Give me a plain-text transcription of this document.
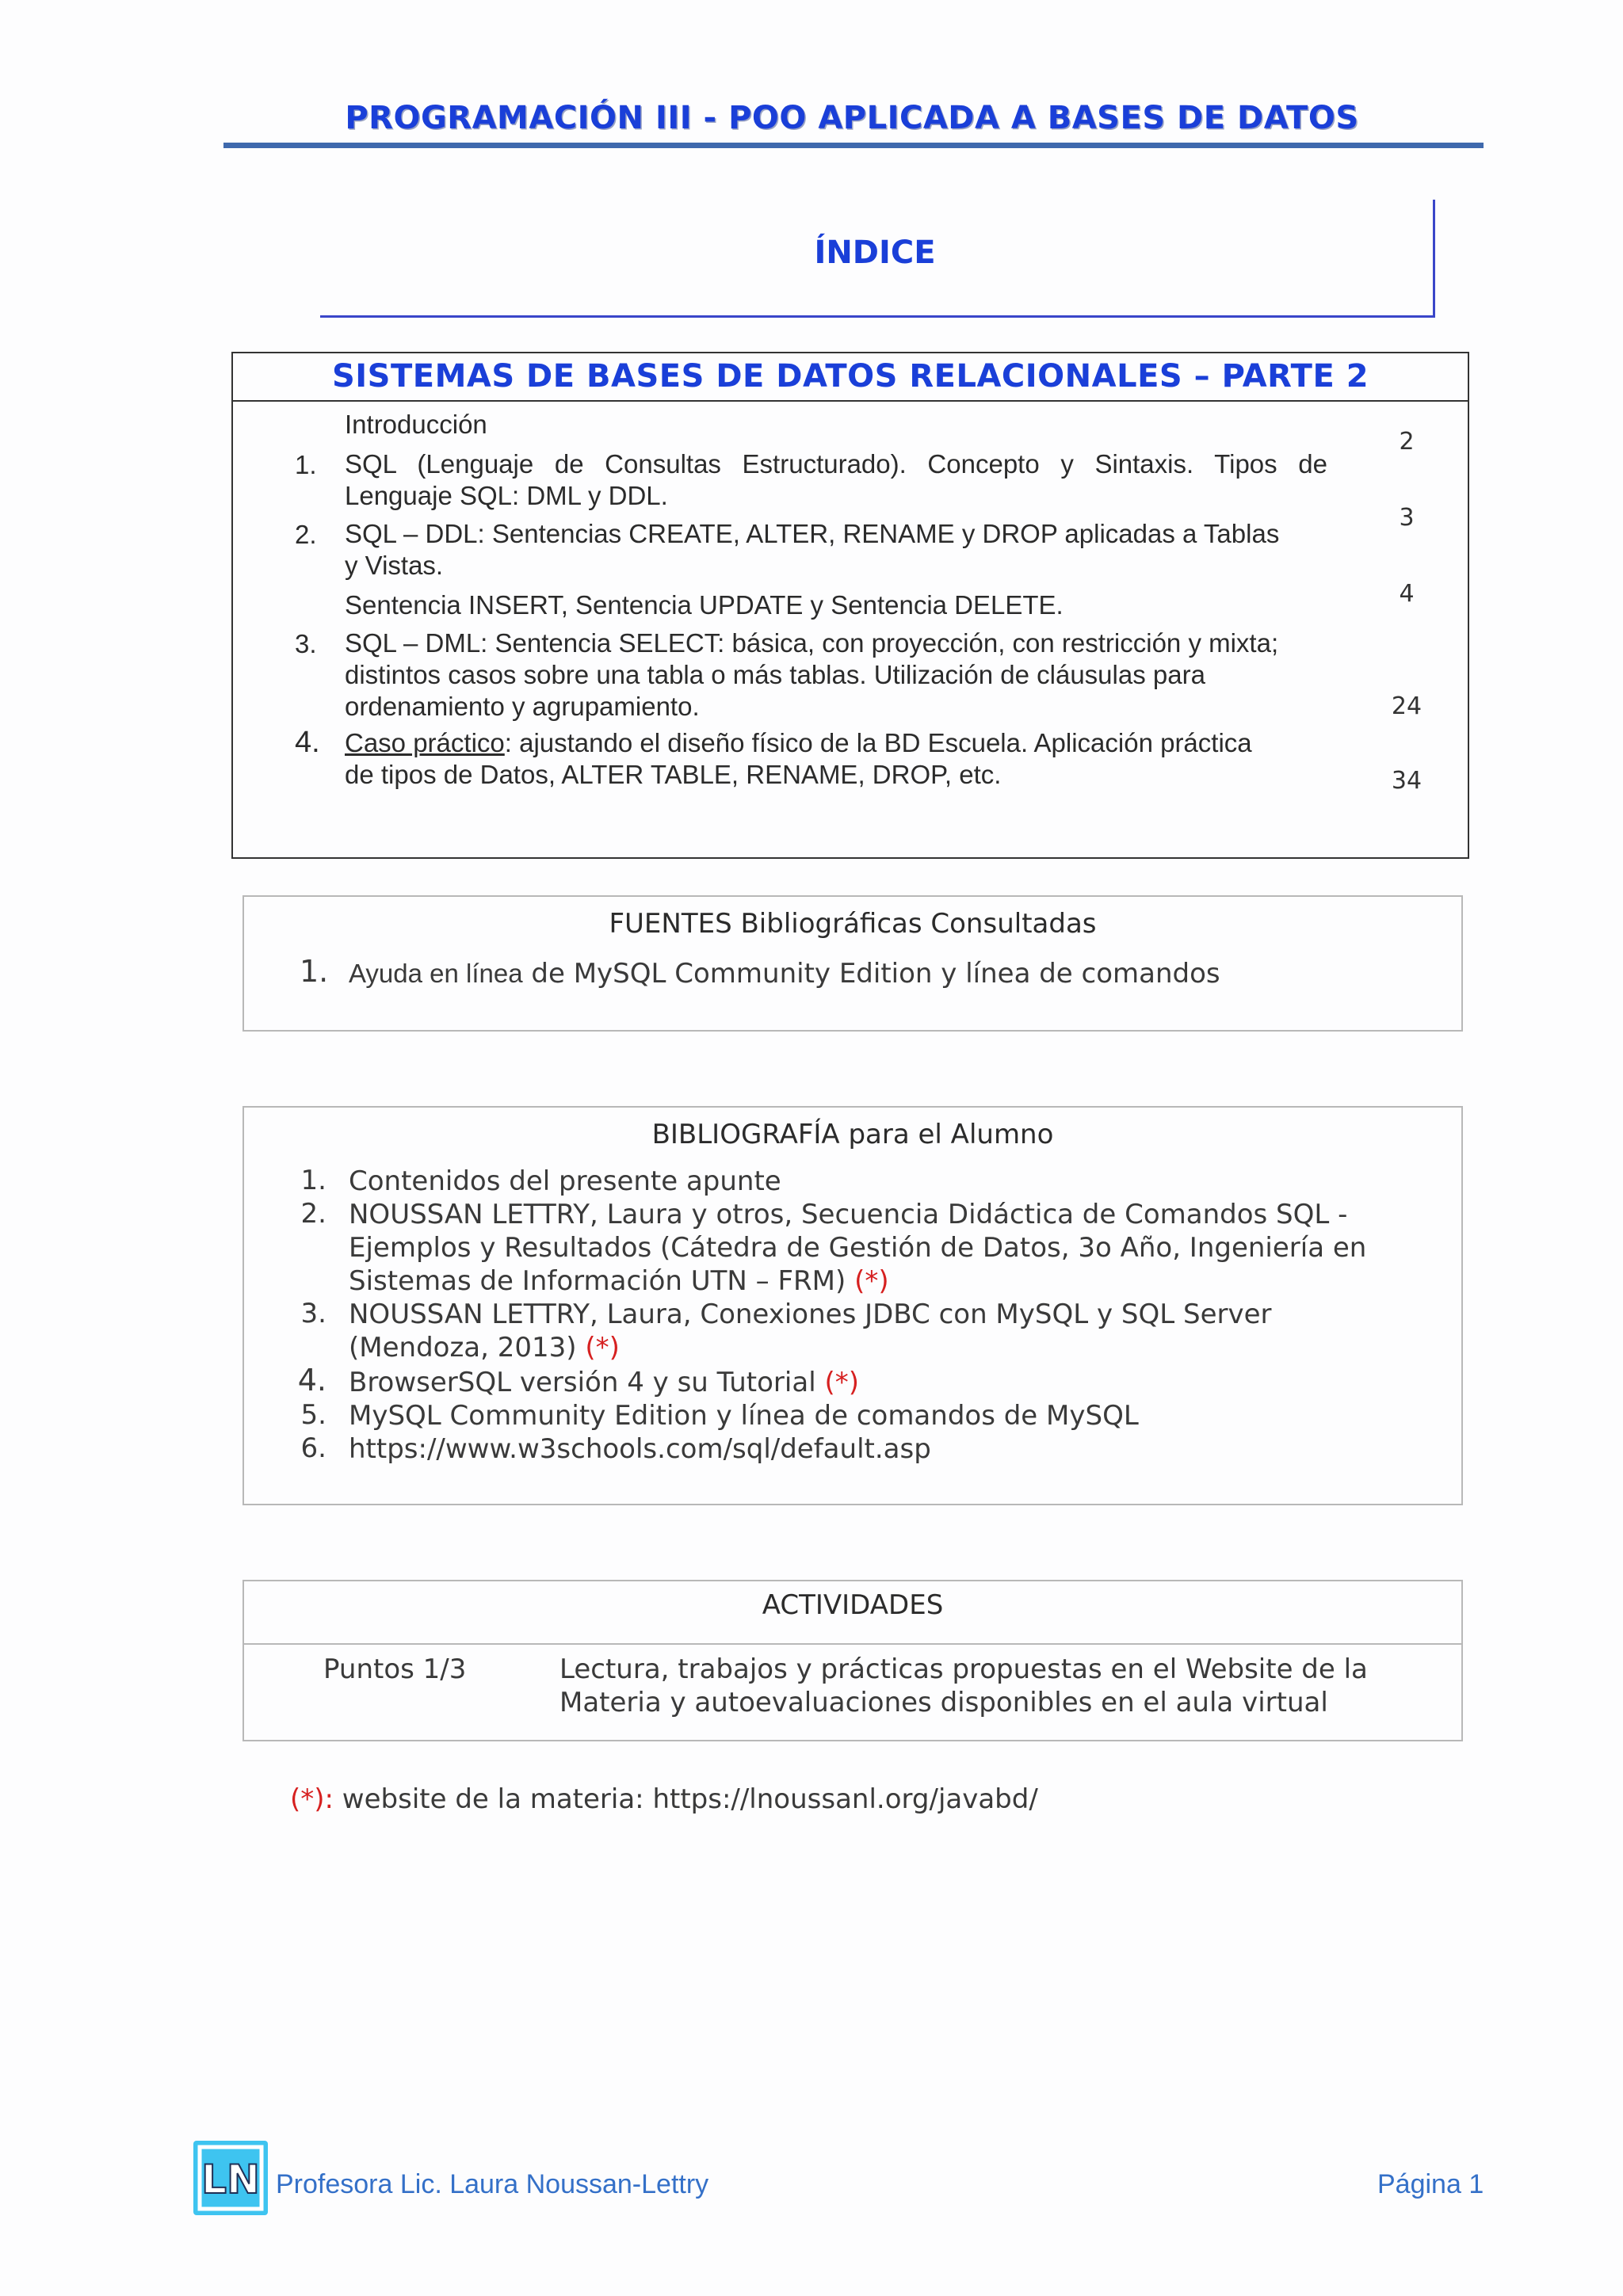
PROGRAMACIÓN III - POO APLICADA A BASES DE DATOS
ÍNDICE
SISTEMAS DE BASES DE DATOS RELACIONALES – PARTE 2
Introducción
1. SQL (Lenguaje de Consultas Estructurado). Concepto y Sintaxis. Tipos de
Lenguaje SQL: DML y DDL.
2. SQL – DDL: Sentencias CREATE, ALTER, RENAME y DROP aplicadas a Tablas
y Vistas.
Sentencia INSERT, Sentencia UPDATE y Sentencia DELETE.
3. SQL – DML: Sentencia SELECT: básica, con proyección, con restricción y mixta;
distintos casos sobre una tabla o más tablas. Utilización de cláusulas para
ordenamiento y agrupamiento.
4. Caso práctico: ajustando el diseño físico de la BD Escuela. Aplicación práctica
de tipos de Datos, ALTER TABLE, RENAME, DROP, etc.
2
3
4
24
34
FUENTES Bibliográficas Consultadas
1. Ayuda en línea de MySQL Community Edition y línea de comandos
BIBLIOGRAFÍA para el Alumno
1. Contenidos del presente apunte
2. NOUSSAN LETTRY, Laura y otros, Secuencia Didáctica de Comandos SQL -
Ejemplos y Resultados (Cátedra de Gestión de Datos, 3o Año, Ingeniería en
Sistemas de Información UTN – FRM) (*)
3. NOUSSAN LETTRY, Laura, Conexiones JDBC con MySQL y SQL Server
(Mendoza, 2013) (*)
4. BrowserSQL versión 4 y su Tutorial (*)
5. MySQL Community Edition y línea de comandos de MySQL
6. https://www.w3schools.com/sql/default.asp
ACTIVIDADES
Puntos 1/3	Lectura, trabajos y prácticas propuestas en el Website de la
Materia y autoevaluaciones disponibles en el aula virtual
(*): website de la materia: https://lnoussanl.org/javabd/
LN Profesora Lic. Laura Noussan-Lettry	Página 1
